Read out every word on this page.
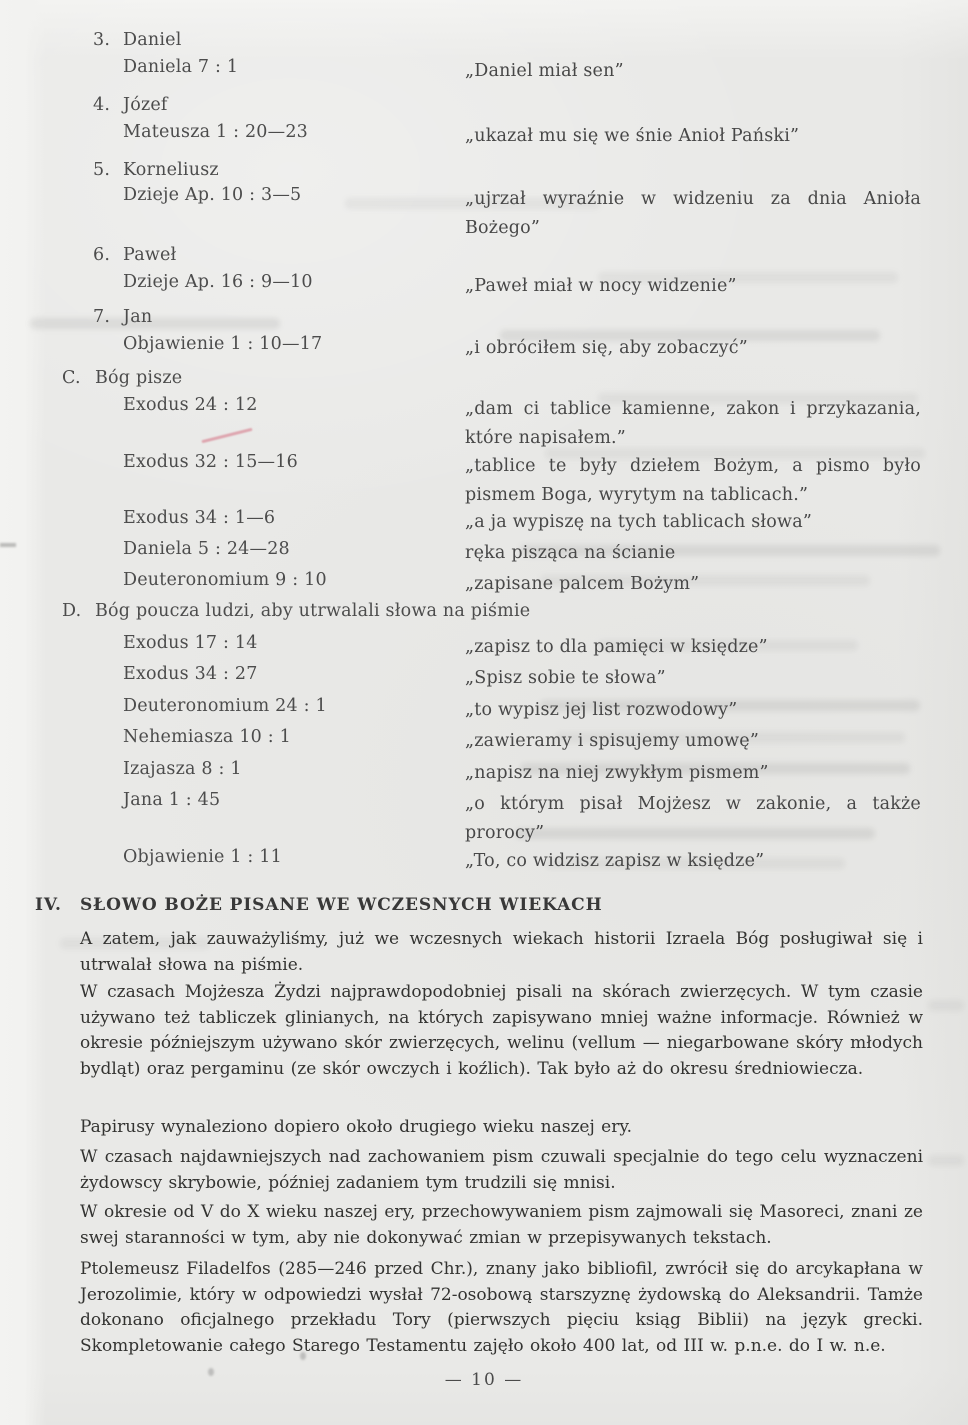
3. Daniel
Daniela 7 : 1	„Daniel miał sen”
4. Józef
Mateusza 1 : 20—23	„ukazał mu się we śnie Anioł Pański”
5. Korneliusz
Dzieje Ap. 10 : 3—5	„ujrzał wyraźnie w widzeniu za dnia Anioła Bożego”
6. Paweł
Dzieje Ap. 16 : 9—10	„Paweł miał w nocy widzenie”
7. Jan
Objawienie 1 : 10—17	„i obróciłem się, aby zobaczyć”
C. Bóg pisze
Exodus 24 : 12	„dam ci tablice kamienne, zakon i przykazania, które napisałem.”
Exodus 32 : 15—16	„tablice te były dziełem Bożym, a pismo było pismem Boga, wyrytym na tablicach.”
Exodus 34 : 1—6	„a ja wypiszę na tych tablicach słowa”
Daniela 5 : 24—28	ręka pisząca na ścianie
Deuteronomium 9 : 10	„zapisane palcem Bożym”
D. Bóg poucza ludzi, aby utrwalali słowa na piśmie
Exodus 17 : 14	„zapisz to dla pamięci w księdze”
Exodus 34 : 27	„Spisz sobie te słowa”
Deuteronomium 24 : 1	„to wypisz jej list rozwodowy”
Nehemiasza 10 : 1	„zawieramy i spisujemy umowę”
Izajasza 8 : 1	„napisz na niej zwykłym pismem”
Jana 1 : 45	„o którym pisał Mojżesz w zakonie, a także prorocy”
Objawienie 1 : 11	„To, co widzisz zapisz w księdze”
IV. SŁOWO BOŻE PISANE WE WCZESNYCH WIEKACH

A zatem, jak zauważyliśmy, już we wczesnych wiekach historii Izraela Bóg posługiwał się i utrwalał słowa na piśmie.

W czasach Mojżesza Żydzi najprawdopodobniej pisali na skórach zwierzęcych. W tym czasie używano też tabliczek glinianych, na których zapisywano mniej ważne informacje. Również w okresie późniejszym używano skór zwierzęcych, welinu (vellum — niegarbowane skóry młodych bydląt) oraz pergaminu (ze skór owczych i koźlich). Tak było aż do okresu średniowiecza.

Papirusy wynaleziono dopiero około drugiego wieku naszej ery.

W czasach najdawniejszych nad zachowaniem pism czuwali specjalnie do tego celu wyznaczeni żydowscy skrybowie, później zadaniem tym trudzili się mnisi.

W okresie od V do X wieku naszej ery, przechowywaniem pism zajmowali się Masoreci, znani ze swej staranności w tym, aby nie dokonywać zmian w przepisywanych tekstach.

Ptolemeusz Filadelfos (285—246 przed Chr.), znany jako bibliofil, zwrócił się do arcykapłana w Jerozolimie, który w odpowiedzi wysłał 72-osobową starszyznę żydowską do Aleksandrii. Tamże dokonano oficjalnego przekładu Tory (pierwszych pięciu ksiąg Biblii) na język grecki. Skompletowanie całego Starego Testamentu zajęło około 400 lat, od III w. p.n.e. do I w. n.e.

— 10 —
